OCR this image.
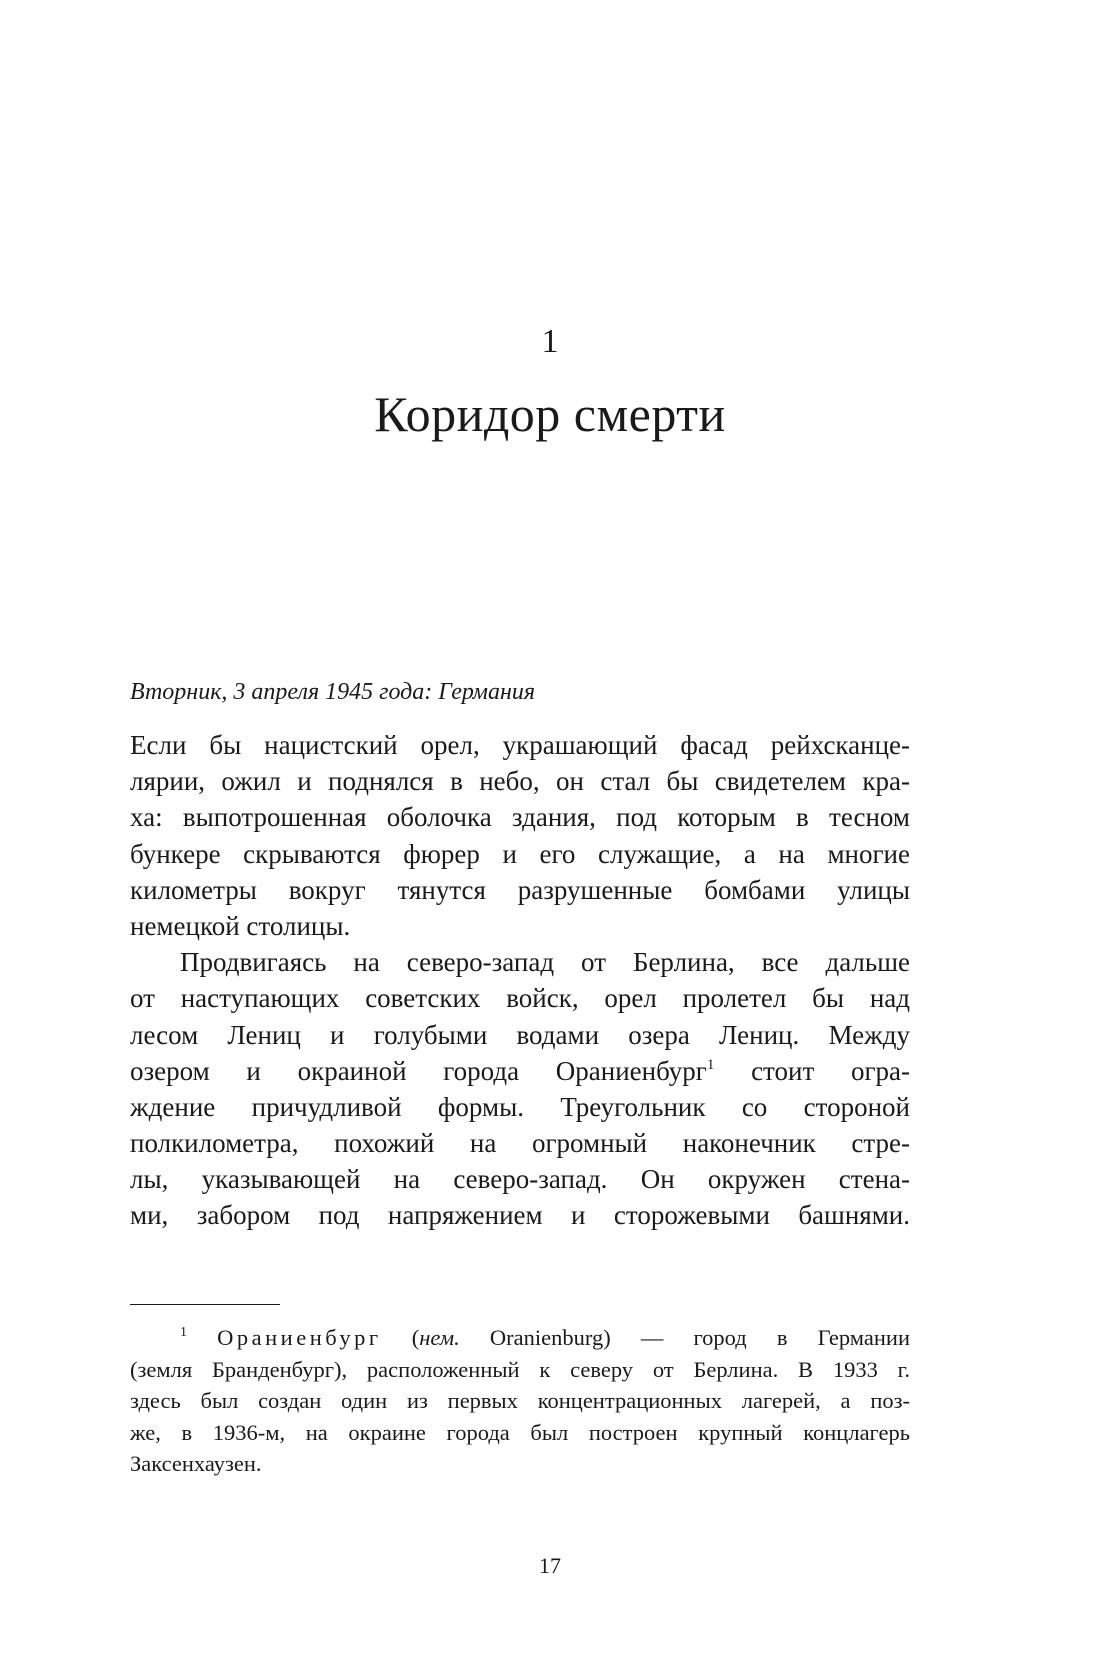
1
Коридор смерти
Вторник, 3 апреля 1945 года: Германия
Если бы нацистский орел, украшающий фасад рейхсканце-
лярии, ожил и поднялся в небо, он стал бы свидетелем кра-
ха: выпотрошенная оболочка здания, под которым в тесном
бункере скрываются фюрер и его служащие, а на многие
километры вокруг тянутся разрушенные бомбами улицы
немецкой столицы.
Продвигаясь на северо-запад от Берлина, все дальше
от наступающих советских войск, орел пролетел бы над
лесом Лениц и голубыми водами озера Лениц. Между
озером и окраиной города Ораниенбург$^1$ стоит огра-
ждение причудливой формы. Треугольник со стороной
полкилометра, похожий на огромный наконечник стре-
лы, указывающей на северо-запад. Он окружен стена-
ми, забором под напряжением и сторожевыми башнями.
$^1$ Ораниенбург (нем. Oranienburg) — город в Германии
(земля Бранденбург), расположенный к северу от Берлина. В 1933 г.
здесь был создан один из первых концентрационных лагерей, а поз-
же, в 1936-м, на окраине города был построен крупный концлагерь
Заксенхаузен.
17
